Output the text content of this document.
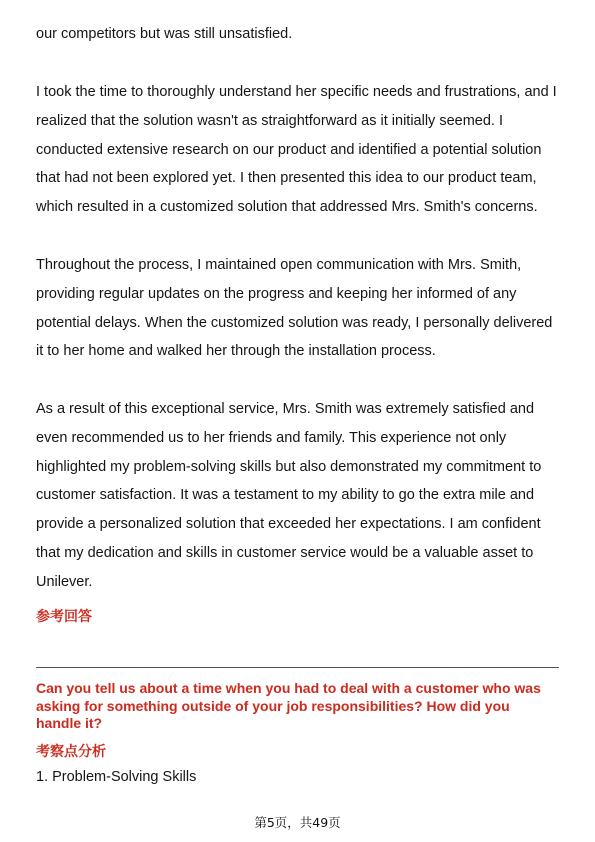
our competitors but was still unsatisfied.

I took the time to thoroughly understand her specific needs and frustrations, and I
realized that the solution wasn't as straightforward as it initially seemed. I
conducted extensive research on our product and identified a potential solution
that had not been explored yet. I then presented this idea to our product team,
which resulted in a customized solution that addressed Mrs. Smith's concerns.

Throughout the process, I maintained open communication with Mrs. Smith,
providing regular updates on the progress and keeping her informed of any
potential delays. When the customized solution was ready, I personally delivered
it to her home and walked her through the installation process.

As a result of this exceptional service, Mrs. Smith was extremely satisfied and
even recommended us to her friends and family. This experience not only
highlighted my problem-solving skills but also demonstrated my commitment to
customer satisfaction. It was a testament to my ability to go the extra mile and
provide a personalized solution that exceeded her expectations. I am confident
that my dedication and skills in customer service would be a valuable asset to
Unilever.

参考回答

Can you tell us about a time when you had to deal with a customer who was
asking for something outside of your job responsibilities? How did you
handle it?

考察点分析

1. Problem-Solving Skills

第5页，共49页
